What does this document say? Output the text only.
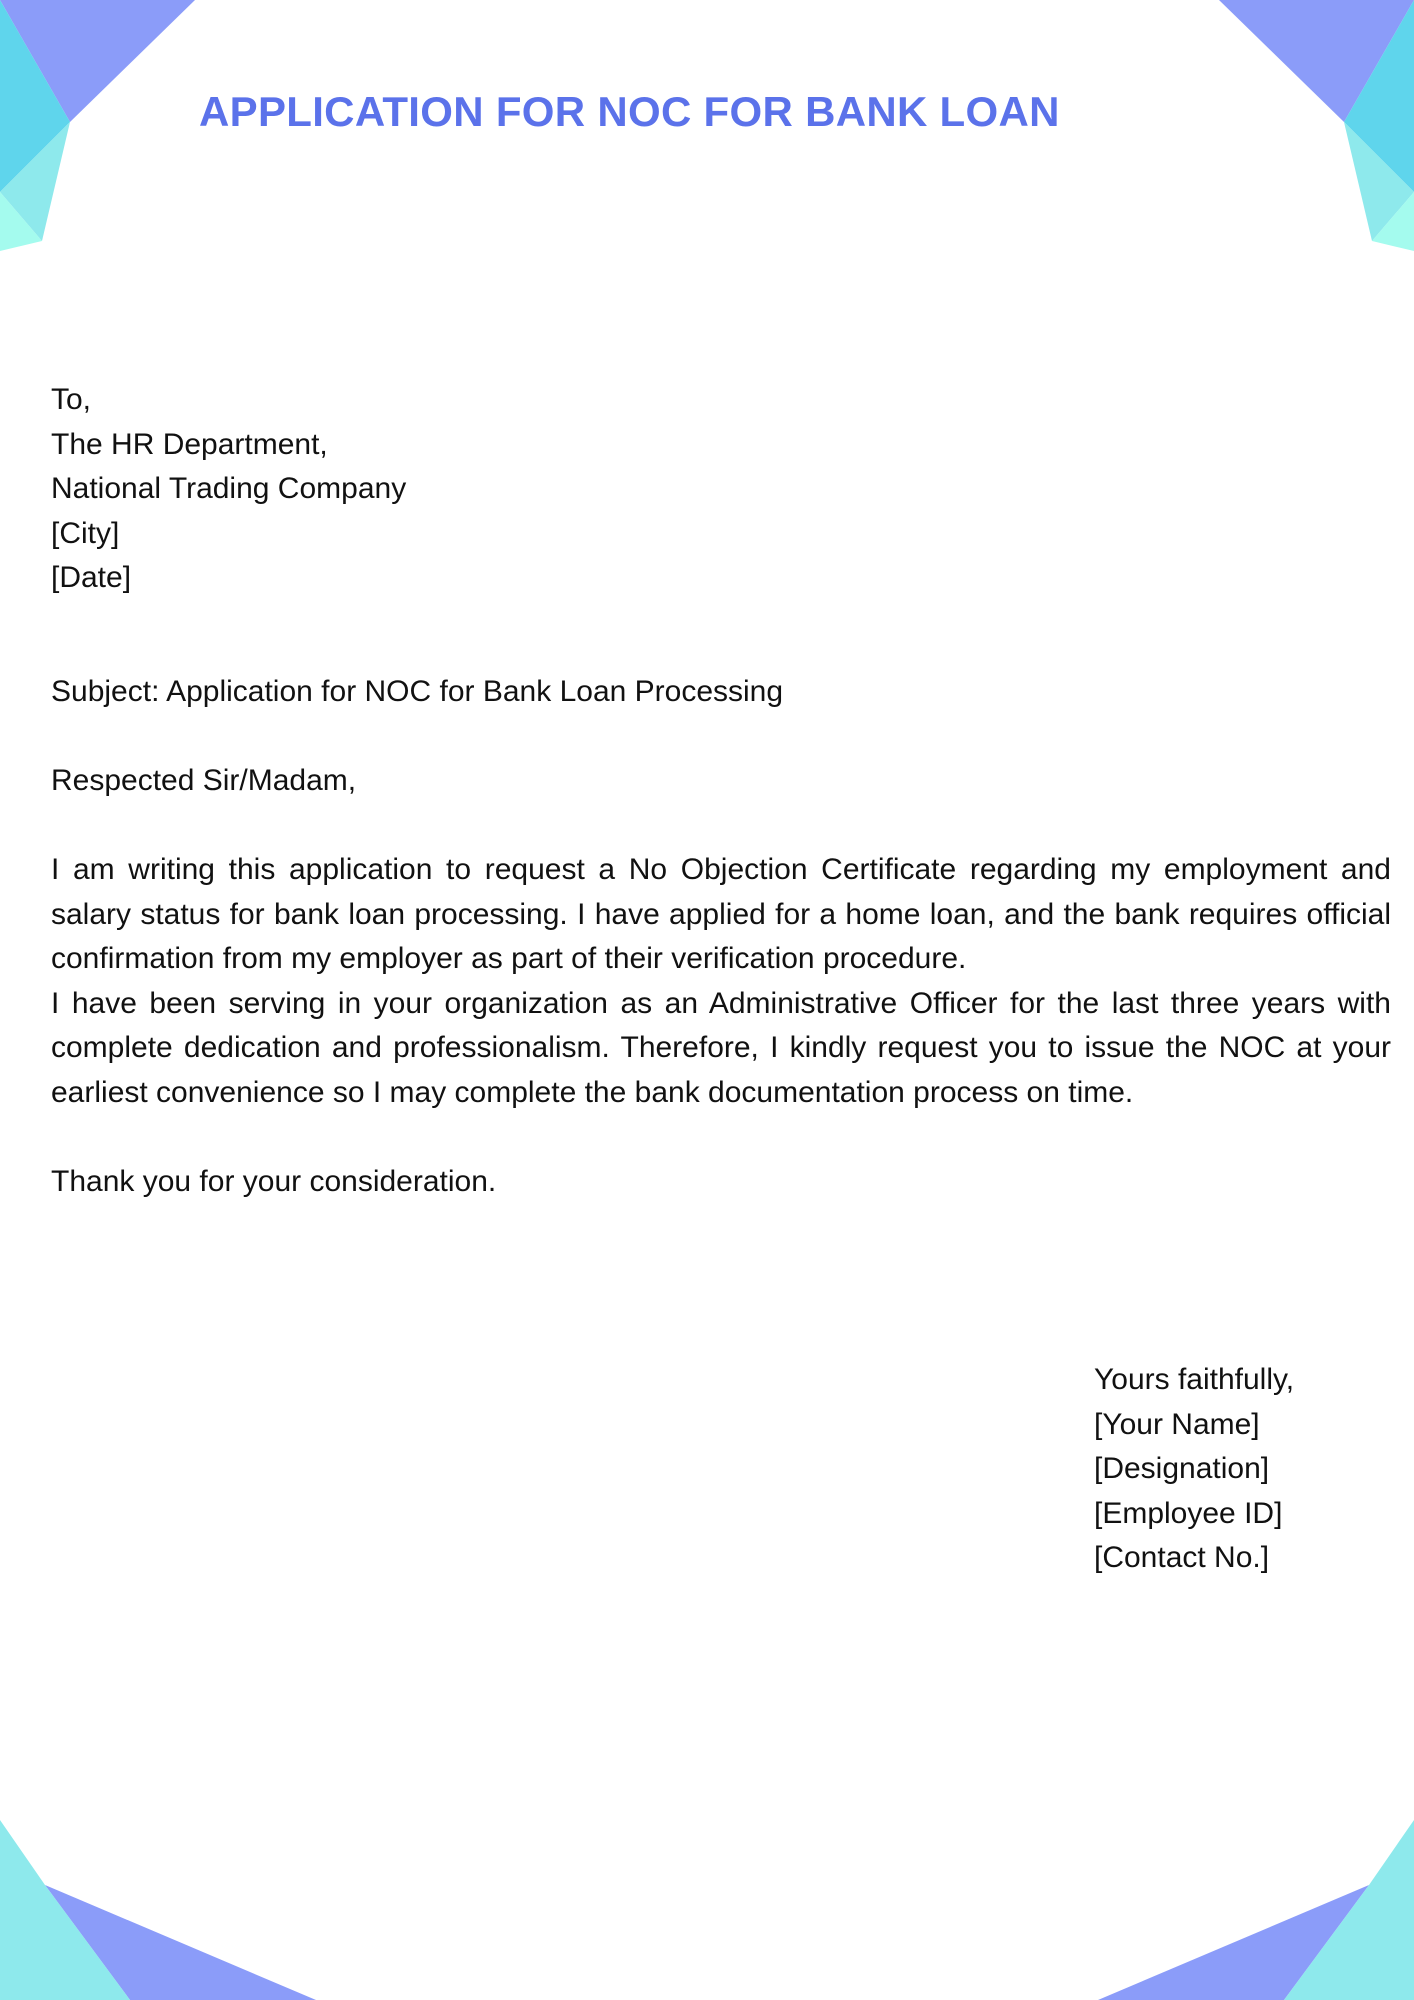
APPLICATION FOR NOC FOR BANK LOAN
To,
The HR Department,
National Trading Company
[City]
[Date]
Subject: Application for NOC for Bank Loan Processing
Respected Sir/Madam,

I am writing this application to request a No Objection Certificate regarding my employment and salary status for bank loan processing. I have applied for a home loan, and the bank requires official confirmation from my employer as part of their verification procedure.

I have been serving in your organization as an Administrative Officer for the last three years with complete dedication and professionalism. Therefore, I kindly request you to issue the NOC at your earliest convenience so I may complete the bank documentation process on time.

Thank you for your consideration.
Yours faithfully,
[Your Name]
[Designation]
[Employee ID]
[Contact No.]
